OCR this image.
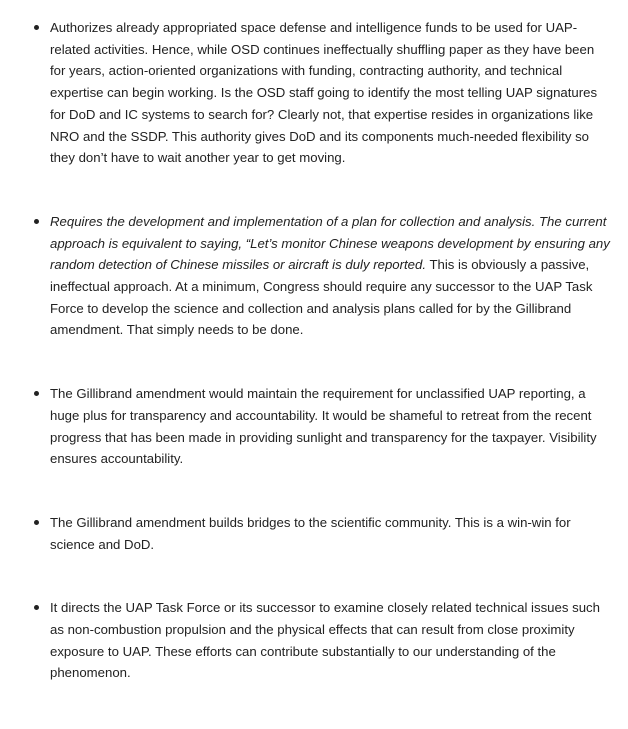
Authorizes already appropriated space defense and intelligence funds to be used for UAP-related activities. Hence, while OSD continues ineffectually shuffling paper as they have been for years, action-oriented organizations with funding, contracting authority, and technical expertise can begin working. Is the OSD staff going to identify the most telling UAP signatures for DoD and IC systems to search for? Clearly not, that expertise resides in organizations like NRO and the SSDP. This authority gives DoD and its components much-needed flexibility so they don’t have to wait another year to get moving.

Requires the development and implementation of a plan for collection and analysis. The current approach is equivalent to saying, “Let’s monitor Chinese weapons development by ensuring any random detection of Chinese missiles or aircraft is duly reported. This is obviously a passive, ineffectual approach. At a minimum, Congress should require any successor to the UAP Task Force to develop the science and collection and analysis plans called for by the Gillibrand amendment. That simply needs to be done.

The Gillibrand amendment would maintain the requirement for unclassified UAP reporting, a huge plus for transparency and accountability. It would be shameful to retreat from the recent progress that has been made in providing sunlight and transparency for the taxpayer. Visibility ensures accountability.

The Gillibrand amendment builds bridges to the scientific community. This is a win-win for science and DoD.

It directs the UAP Task Force or its successor to examine closely related technical issues such as non-combustion propulsion and the physical effects that can result from close proximity exposure to UAP. These efforts can contribute substantially to our understanding of the phenomenon.
